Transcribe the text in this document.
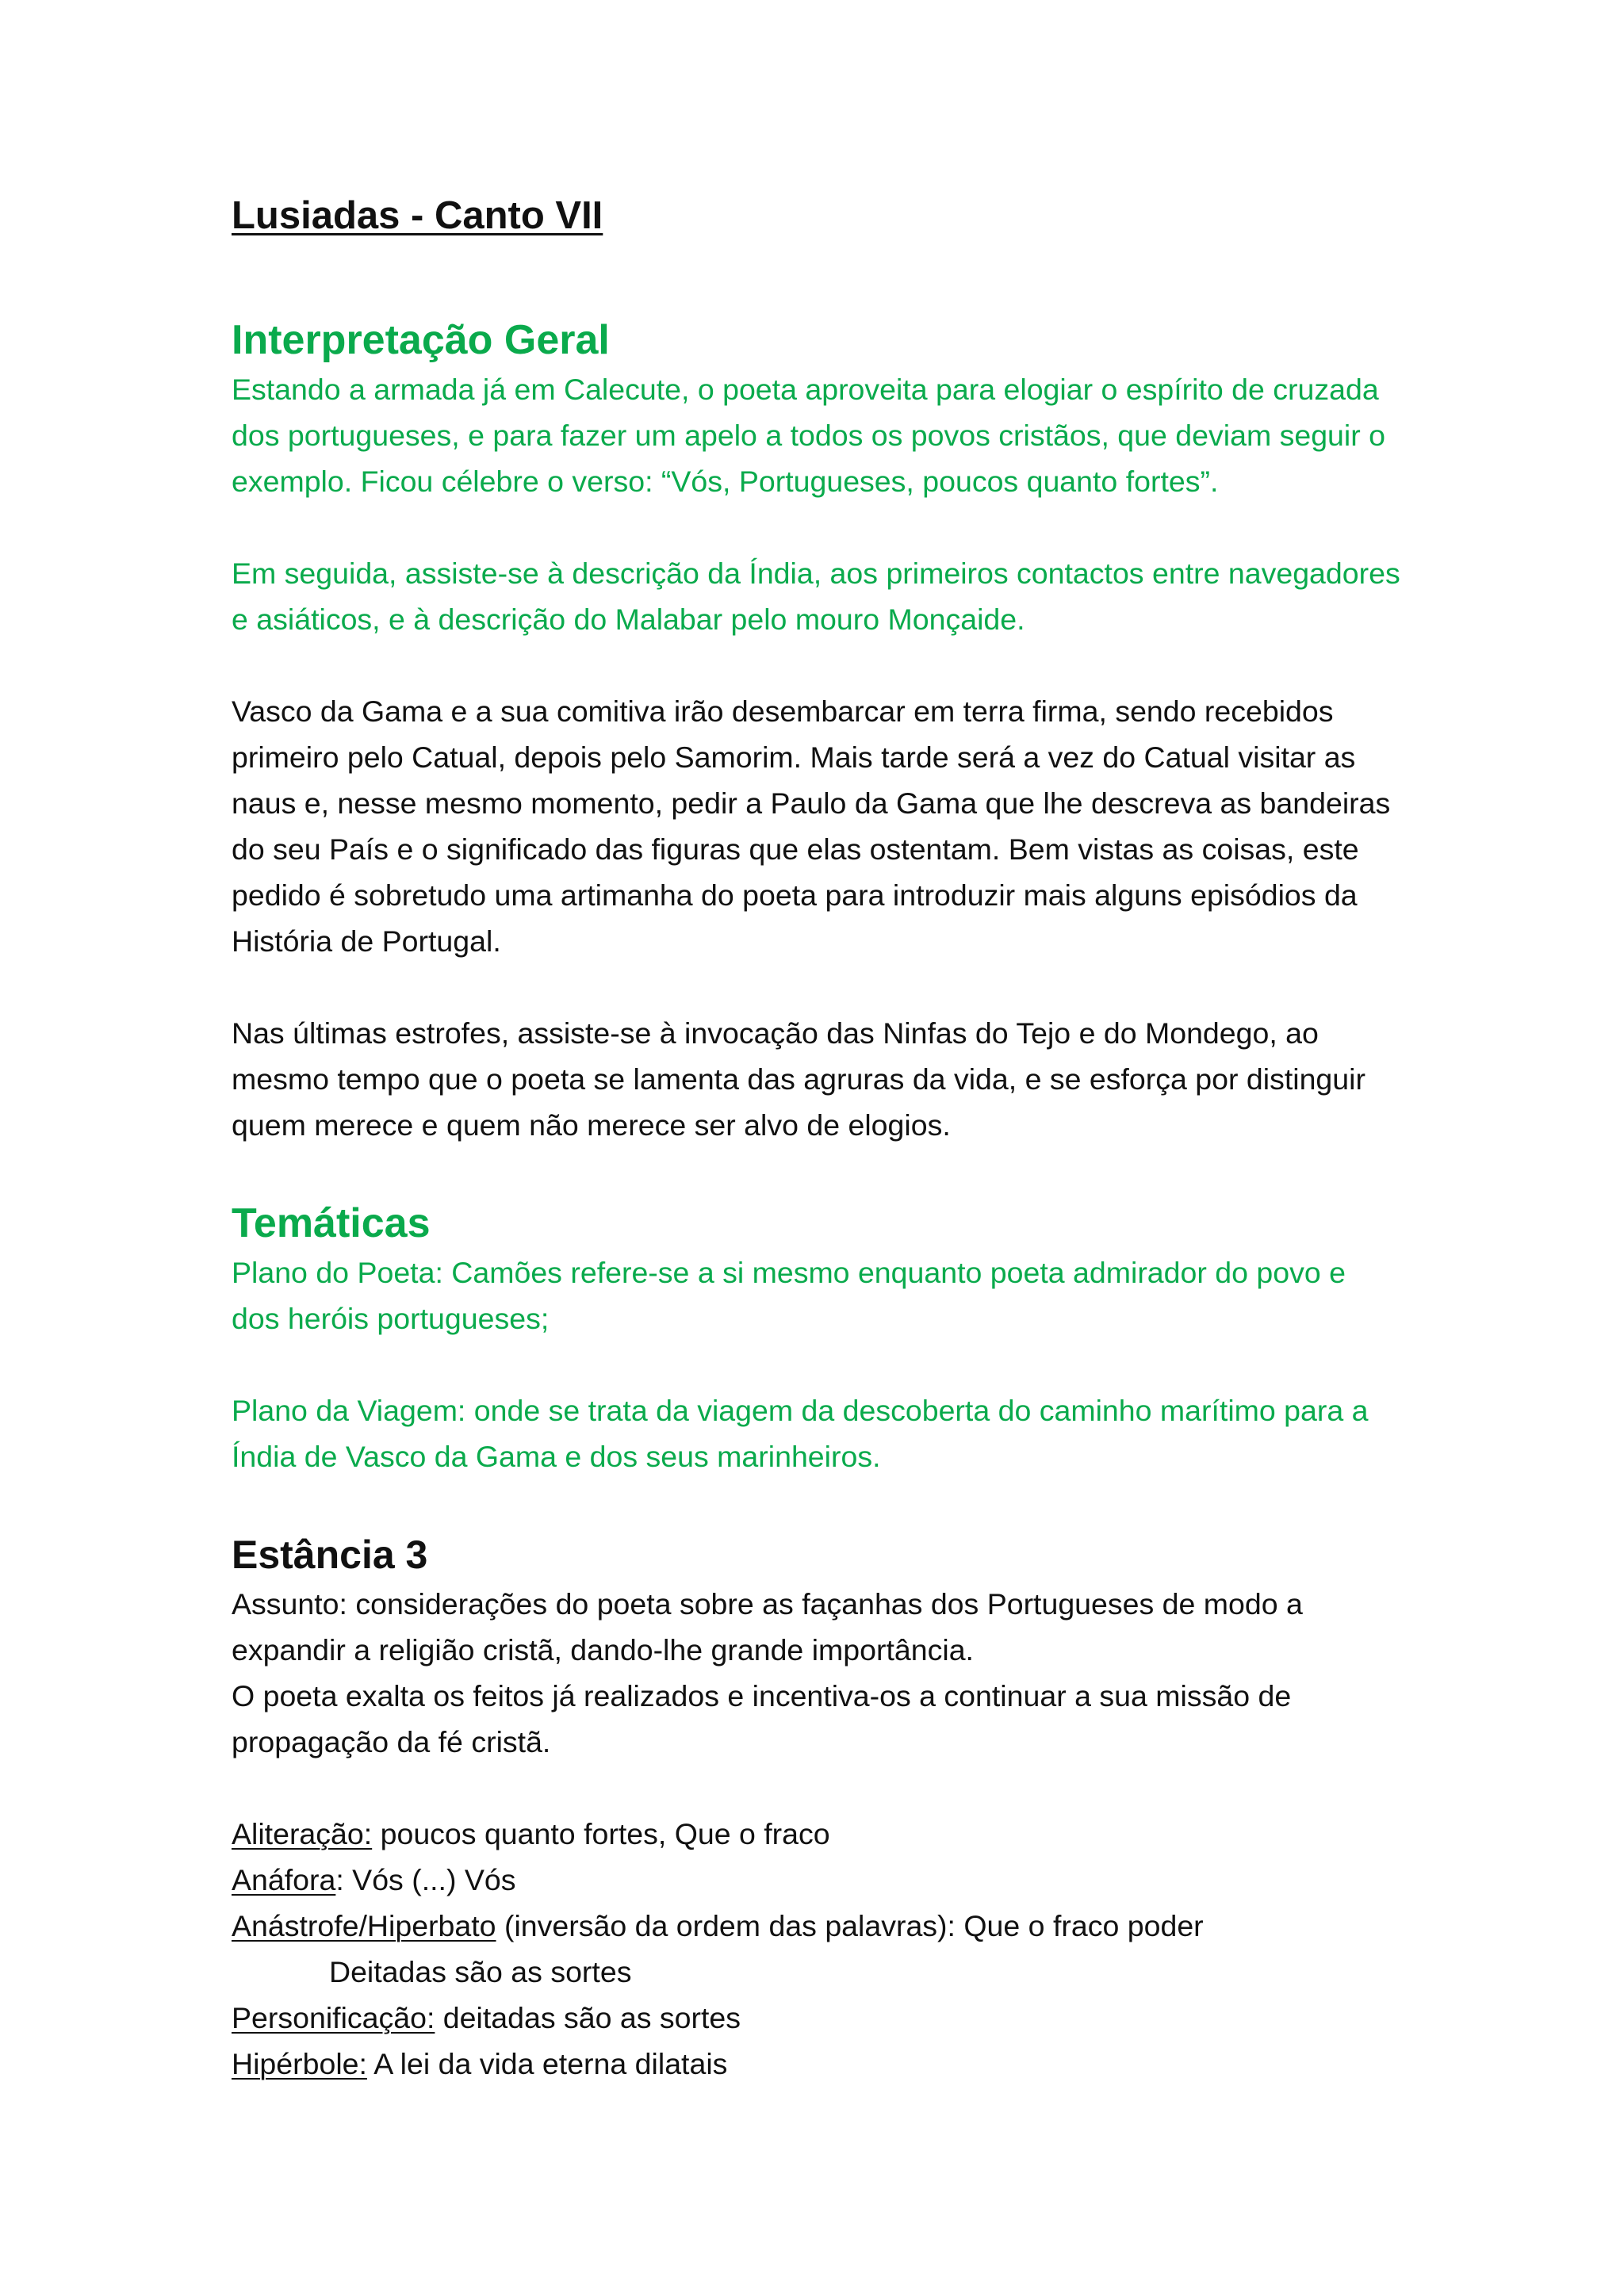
Lusiadas - Canto VII
Interpretação Geral

Estando a armada já em Calecute, o poeta aproveita para elogiar o espírito de cruzada
dos portugueses, e para fazer um apelo a todos os povos cristãos, que deviam seguir o
exemplo. Ficou célebre o verso: “Vós, Portugueses, poucos quanto fortes”.

Em seguida, assiste-se à descrição da Índia, aos primeiros contactos entre navegadores
e asiáticos, e à descrição do Malabar pelo mouro Monçaide.

Vasco da Gama e a sua comitiva irão desembarcar em terra firma, sendo recebidos
primeiro pelo Catual, depois pelo Samorim. Mais tarde será a vez do Catual visitar as
naus e, nesse mesmo momento, pedir a Paulo da Gama que lhe descreva as bandeiras
do seu País e o significado das figuras que elas ostentam. Bem vistas as coisas, este
pedido é sobretudo uma artimanha do poeta para introduzir mais alguns episódios da
História de Portugal.

Nas últimas estrofes, assiste-se à invocação das Ninfas do Tejo e do Mondego, ao
mesmo tempo que o poeta se lamenta das agruras da vida, e se esforça por distinguir
quem merece e quem não merece ser alvo de elogios.

Temáticas

Plano do Poeta: Camões refere-se a si mesmo enquanto poeta admirador do povo e
dos heróis portugueses;

Plano da Viagem: onde se trata da viagem da descoberta do caminho marítimo para a
Índia de Vasco da Gama e dos seus marinheiros.

Estância 3

Assunto: considerações do poeta sobre as façanhas dos Portugueses de modo a
expandir a religião cristã, dando-lhe grande importância.
O poeta exalta os feitos já realizados e incentiva-os a continuar a sua missão de
propagação da fé cristã.

Aliteração: poucos quanto fortes, Que o fraco

Anáfora: Vós (...) Vós

Anástrofe/Hiperbato (inversão da ordem das palavras): Que o fraco poder

Deitadas são as sortes

Personificação: deitadas são as sortes

Hipérbole: A lei da vida eterna dilatais
